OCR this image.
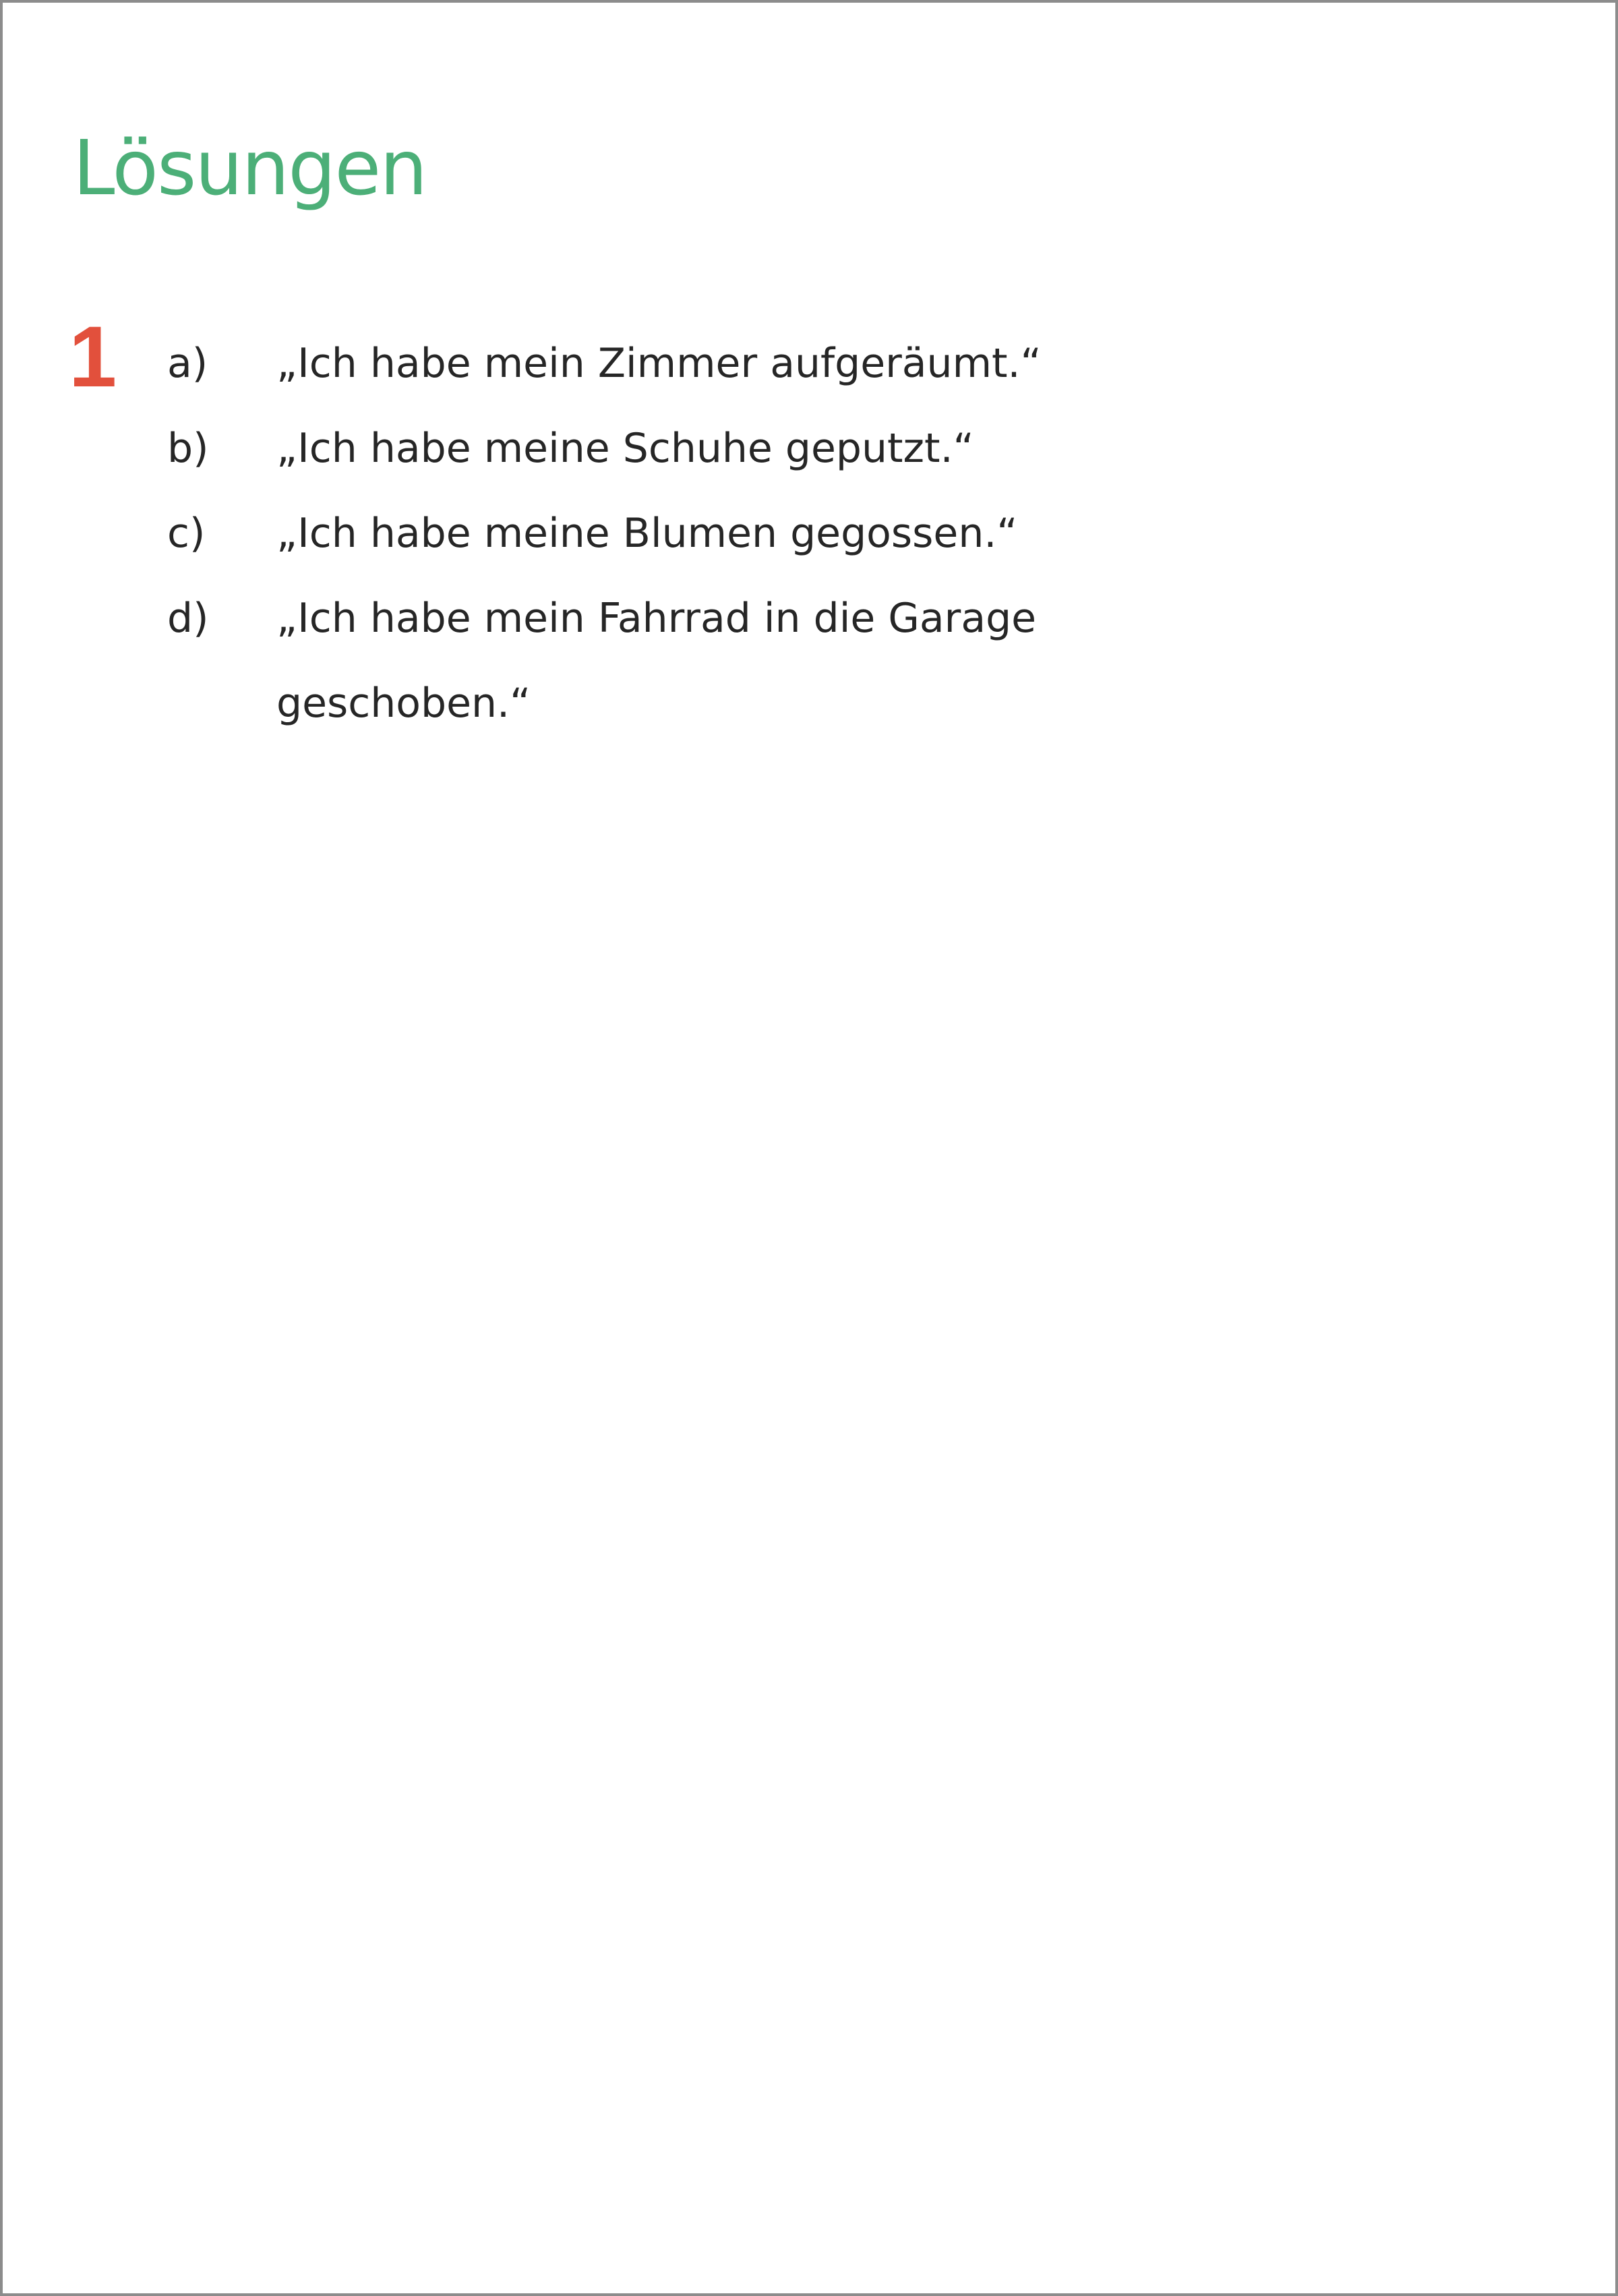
Lösungen
1 a) „Ich habe mein Zimmer aufgeräumt.“
b) „Ich habe meine Schuhe geputzt.“
c) „Ich habe meine Blumen gegossen.“
d) „Ich habe mein Fahrrad in die Garage
geschoben.“
